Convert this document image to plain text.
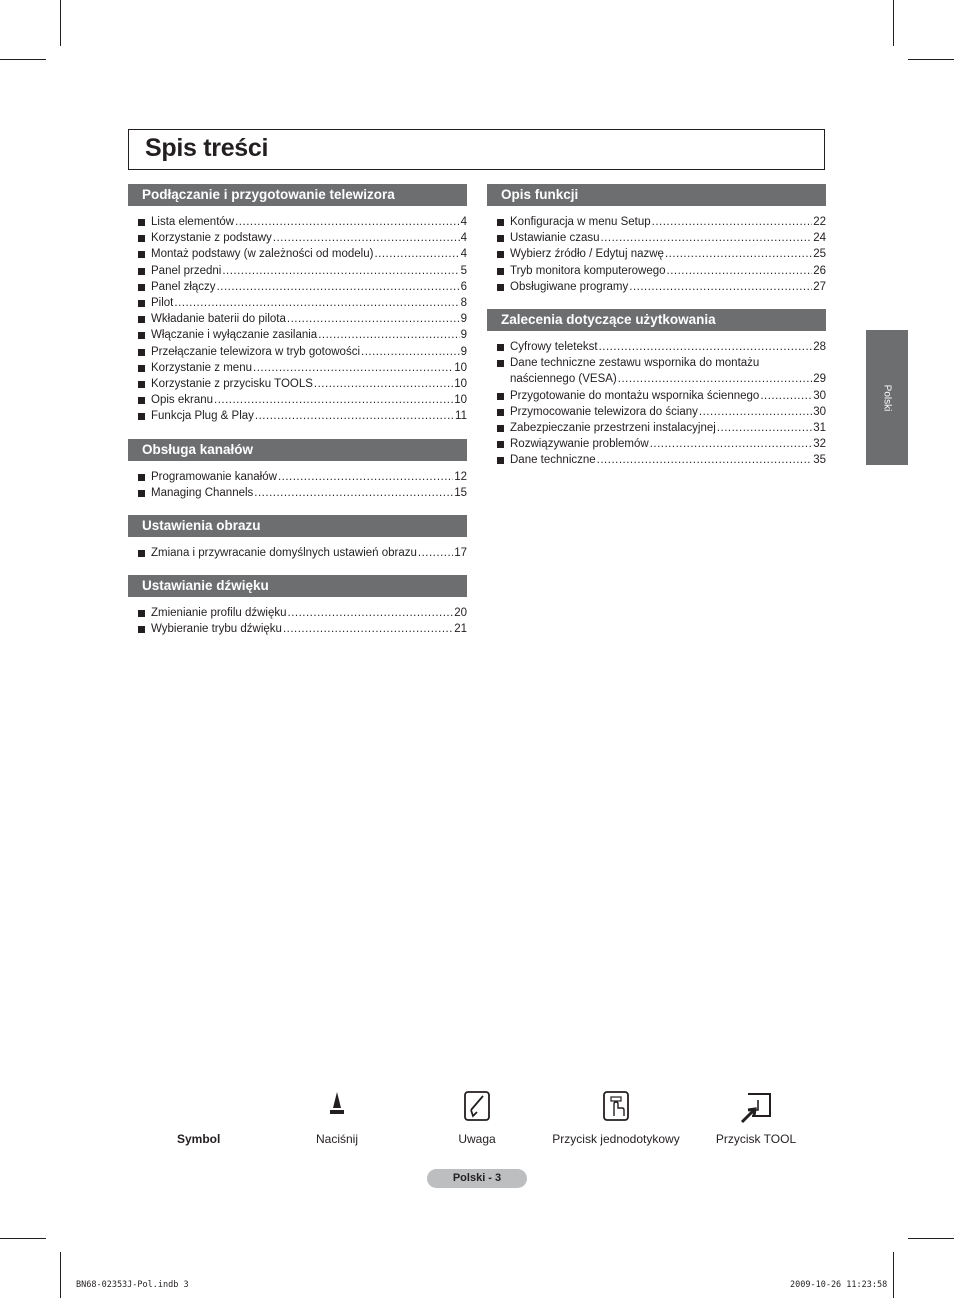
Spis treści
Podłączanie i przygotowanie telewizora
Lista elementów .....	4
Korzystanie z podstawy .....	4
Montaż podstawy (w zależności od modelu) .....	4
Panel przedni .....	5
Panel złączy .....	6
Pilot .....	8
Wkładanie baterii do pilota .....	9
Włączanie i wyłączanie zasilania .....	9
Przełączanie telewizora w tryb gotowości .....	9
Korzystanie z menu .....	10
Korzystanie z przycisku TOOLS .....	10
Opis ekranu .....	10
Funkcja Plug & Play .....	11
Obsługa kanałów
Programowanie kanałów .....	12
Managing Channels .....	15
Ustawienia obrazu
Zmiana i przywracanie domyślnych ustawień obrazu .....	17
Ustawianie dźwięku
Zmienianie profilu dźwięku .....	20
Wybieranie trybu dźwięku .....	21
Opis funkcji
Konfiguracja w menu Setup .....	22
Ustawianie czasu .....	24
Wybierz źródło / Edytuj nazwę .....	25
Tryb monitora komputerowego .....	26
Obsługiwane programy .....	27
Zalecenia dotyczące użytkowania
Cyfrowy teletekst .....	28
Dane techniczne zestawu wspornika do montażu
naściennego (VESA) .....	29
Przygotowanie do montażu wspornika ściennego .....	30
Przymocowanie telewizora do ściany .....	30
Zabezpieczanie przestrzeni instalacyjnej .....	31
Rozwiązywanie problemów .....	32
Dane techniczne .....	35
Polski
Symbol	Naciśnij	Uwaga	Przycisk jednodotykowy	Przycisk TOOL
Polski - 3
BN68-02353J-Pol.indb 3	2009-10-26 11:23:58
